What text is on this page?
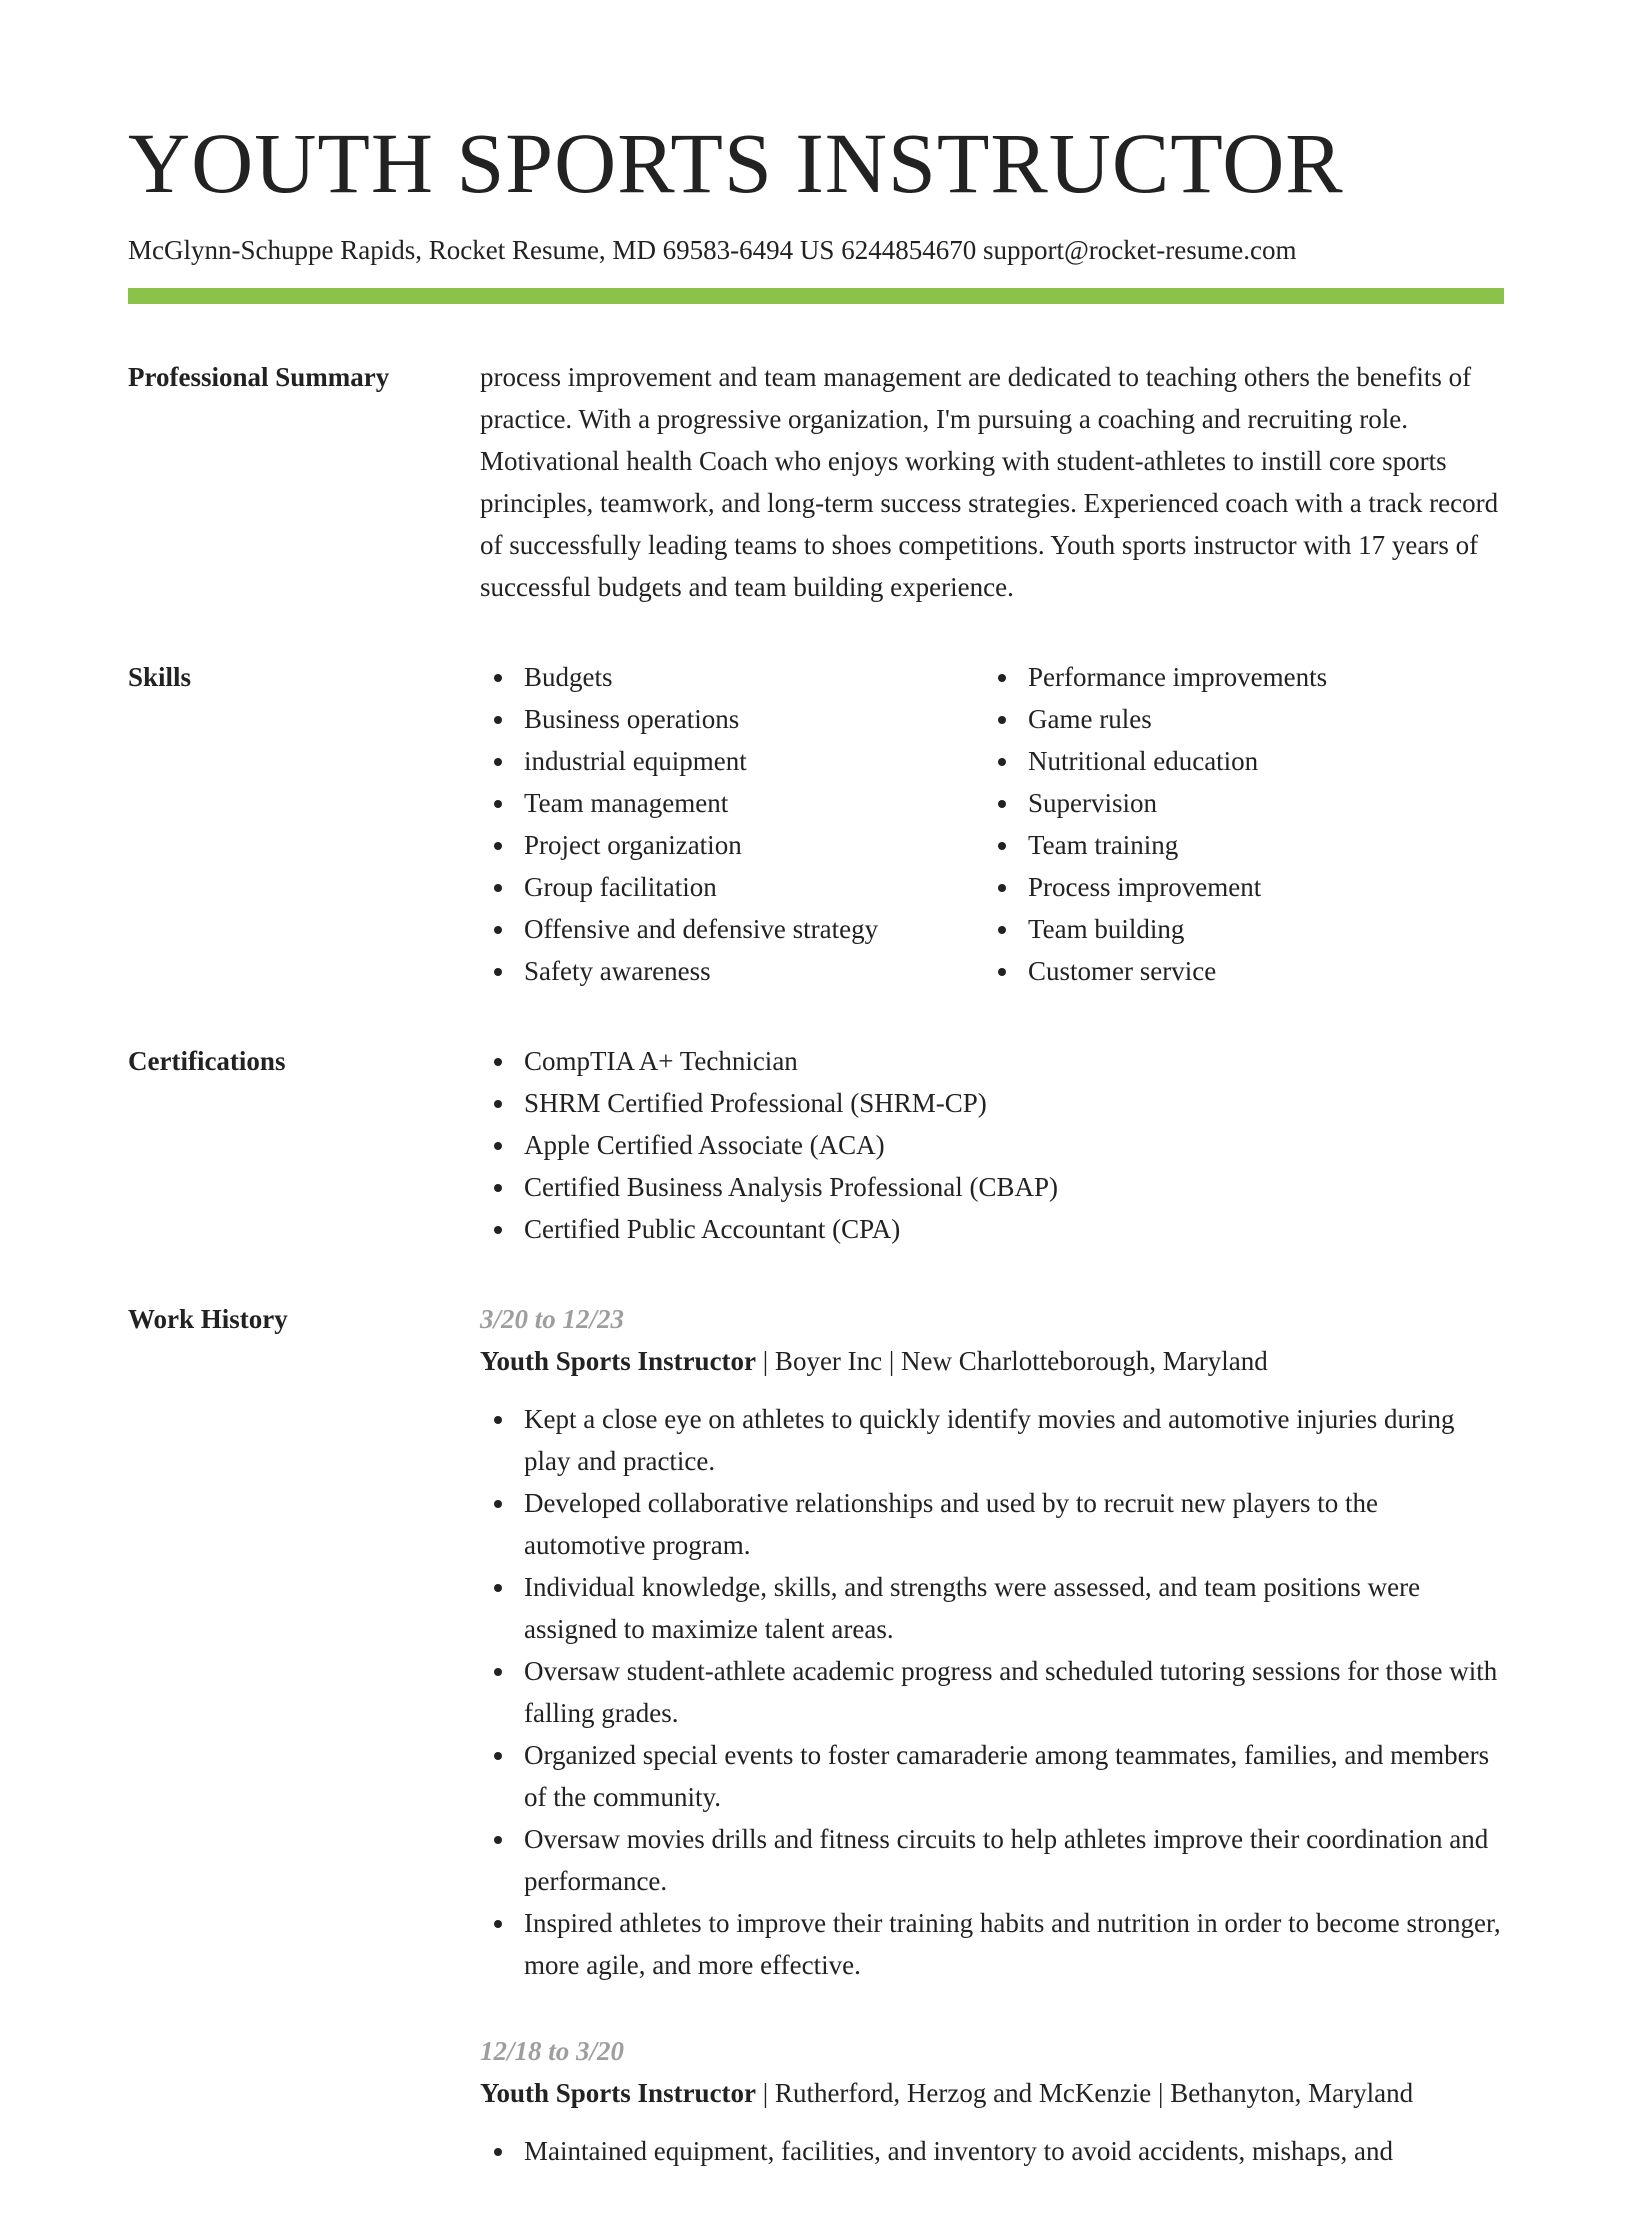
YOUTH SPORTS INSTRUCTOR
McGlynn-Schuppe Rapids, Rocket Resume, MD 69583-6494 US 6244854670 support@rocket-resume.com
Professional Summary	process improvement and team management are dedicated to teaching others the benefits of practice. With a progressive organization, I'm pursuing a coaching and recruiting role. Motivational health Coach who enjoys working with student-athletes to instill core sports principles, teamwork, and long-term success strategies. Experienced coach with a track record of successfully leading teams to shoes competitions. Youth sports instructor with 17 years of successful budgets and team building experience.
Skills	Budgets
Business operations
industrial equipment
Team management
Project organization
Group facilitation
Offensive and defensive strategy
Safety awareness
Performance improvements
Game rules
Nutritional education
Supervision
Team training
Process improvement
Team building
Customer service
Certifications	CompTIA A+ Technician
SHRM Certified Professional (SHRM-CP)
Apple Certified Associate (ACA)
Certified Business Analysis Professional (CBAP)
Certified Public Accountant (CPA)
Work History	3/20 to 12/23
Youth Sports Instructor | Boyer Inc | New Charlotteborough, Maryland
Kept a close eye on athletes to quickly identify movies and automotive injuries during play and practice.
Developed collaborative relationships and used by to recruit new players to the automotive program.
Individual knowledge, skills, and strengths were assessed, and team positions were assigned to maximize talent areas.
Oversaw student-athlete academic progress and scheduled tutoring sessions for those with falling grades.
Organized special events to foster camaraderie among teammates, families, and members of the community.
Oversaw movies drills and fitness circuits to help athletes improve their coordination and performance.
Inspired athletes to improve their training habits and nutrition in order to become stronger, more agile, and more effective.
12/18 to 3/20
Youth Sports Instructor | Rutherford, Herzog and McKenzie | Bethanyton, Maryland
Maintained equipment, facilities, and inventory to avoid accidents, mishaps, and
